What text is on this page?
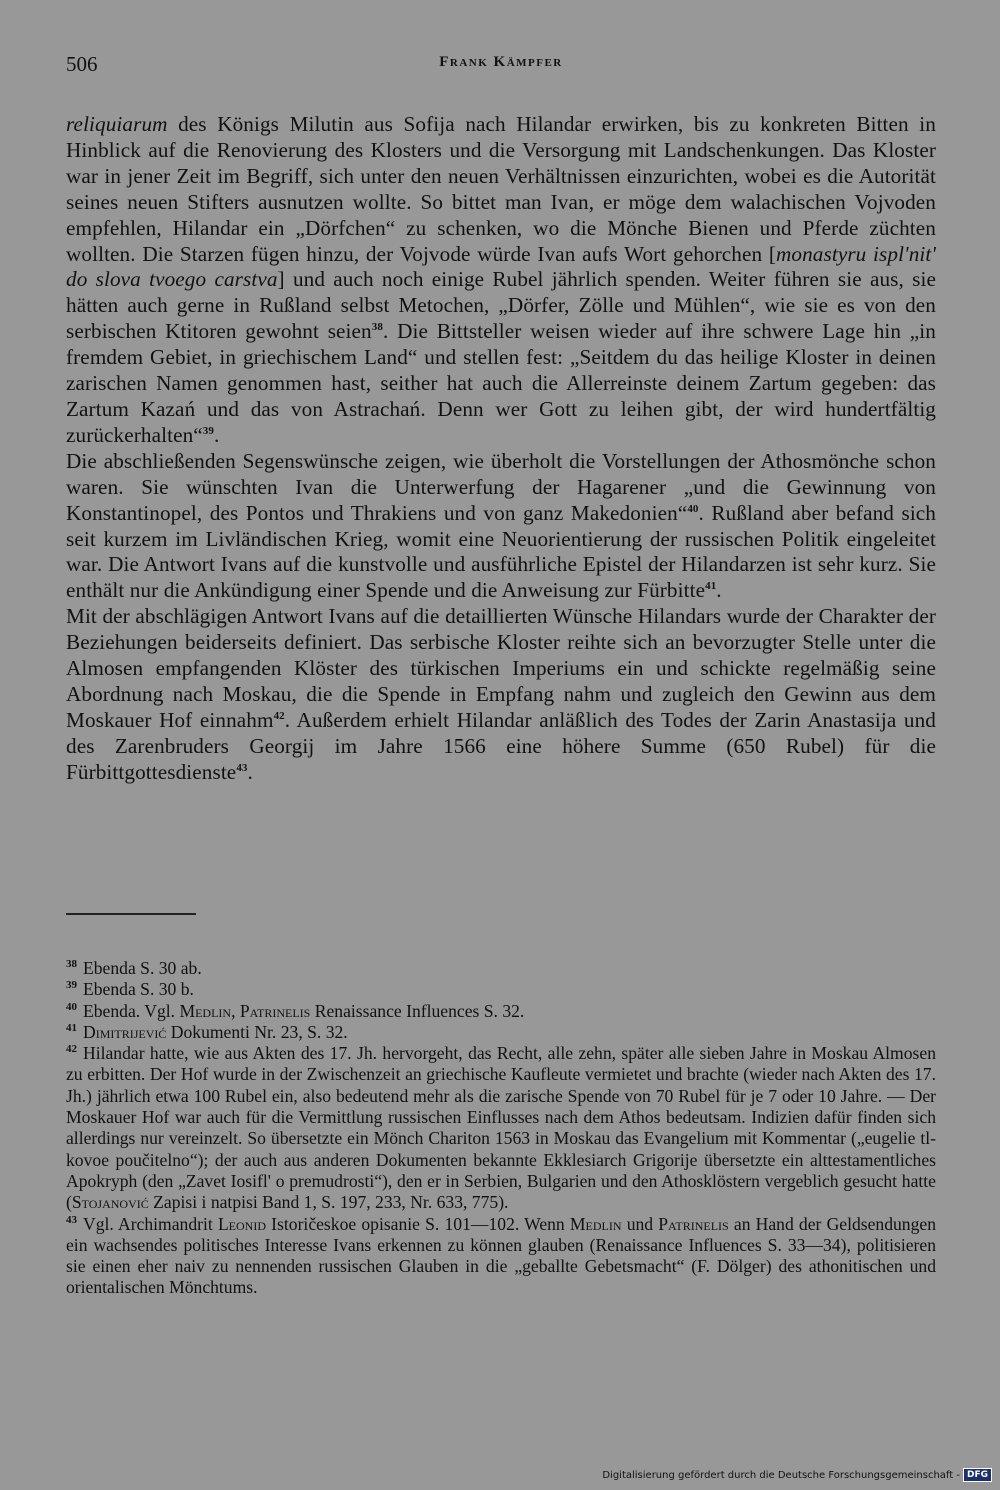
506	Frank Kämpfer

reliquiarum des Königs Milutin aus Sofija nach Hilandar erwirken, bis zu konkreten Bitten in Hinblick auf die Renovierung des Klosters und die Versorgung mit Landschenkungen. Das Kloster war in jener Zeit im Begriff, sich unter den neuen Verhältnissen einzurichten, wobei es die Autorität seines neuen Stifters ausnutzen wollte. So bittet man Ivan, er möge dem walachischen Vojvoden empfehlen, Hilandar ein „Dörfchen“ zu schenken, wo die Mönche Bienen und Pferde züchten wollten. Die Starzen fügen hinzu, der Vojvode würde Ivan aufs Wort gehorchen [monastyru ispl'nit' do slova tvoego carstva] und auch noch einige Rubel jährlich spenden. Weiter führen sie aus, sie hätten auch gerne in Rußland selbst Metochen, „Dörfer, Zölle und Mühlen“, wie sie es von den serbischen Ktitoren gewohnt seien$^{38}$. Die Bittsteller weisen wieder auf ihre schwere Lage hin „in fremdem Gebiet, in griechischem Land“ und stellen fest: „Seitdem du das heilige Kloster in deinen zarischen Namen genommen hast, seither hat auch die Allerreinste deinem Zartum gegeben: das Zartum Kazań und das von Astrachań. Denn wer Gott zu leihen gibt, der wird hundertfältig zurückerhalten“$^{39}$.

Die abschließenden Segenswünsche zeigen, wie überholt die Vorstellungen der Athosmönche schon waren. Sie wünschten Ivan die Unterwerfung der Hagarener „und die Gewinnung von Konstantinopel, des Pontos und Thrakiens und von ganz Makedonien“$^{40}$. Rußland aber befand sich seit kurzem im Livländischen Krieg, womit eine Neuorientierung der russischen Politik eingeleitet war. Die Antwort Ivans auf die kunstvolle und ausführliche Epistel der Hilandarzen ist sehr kurz. Sie enthält nur die Ankündigung einer Spende und die Anweisung zur Fürbitte$^{41}$.

Mit der abschlägigen Antwort Ivans auf die detaillierten Wünsche Hilandars wurde der Charakter der Beziehungen beiderseits definiert. Das serbische Kloster reihte sich an bevorzugter Stelle unter die Almosen empfangenden Klöster des türkischen Imperiums ein und schickte regelmäßig seine Abordnung nach Moskau, die die Spende in Empfang nahm und zugleich den Gewinn aus dem Moskauer Hof einnahm$^{42}$. Außerdem erhielt Hilandar anläßlich des Todes der Zarin Anastasija und des Zarenbruders Georgij im Jahre 1566 eine höhere Summe (650 Rubel) für die Fürbittgottesdienste$^{43}$.

$^{38}$ Ebenda S. 30 ab.

$^{39}$ Ebenda S. 30 b.

$^{40}$ Ebenda. Vgl. Medlin, Patrinelis Renaissance Influences S. 32.

$^{41}$ Dimitrijević Dokumenti Nr. 23, S. 32.

$^{42}$ Hilandar hatte, wie aus Akten des 17. Jh. hervorgeht, das Recht, alle zehn, später alle sieben Jahre in Moskau Almosen zu erbitten. Der Hof wurde in der Zwischenzeit an griechische Kaufleute vermietet und brachte (wieder nach Akten des 17. Jh.) jährlich etwa 100 Rubel ein, also bedeutend mehr als die zarische Spende von 70 Rubel für je 7 oder 10 Jahre. — Der Moskauer Hof war auch für die Vermittlung russischen Einflusses nach dem Athos bedeutsam. Indizien dafür finden sich allerdings nur vereinzelt. So übersetzte ein Mönch Chariton 1563 in Moskau das Evangelium mit Kommentar („eugelie tl-kovoe poučitelno“); der auch aus anderen Dokumenten bekannte Ekklesiarch Grigorije übersetzte ein alttestamentliches Apokryph (den „Zavet Iosifl' o premudrosti“), den er in Serbien, Bulgarien und den Athosklöstern vergeblich gesucht hatte (Stojanović Zapisi i natpisi Band 1, S. 197, 233, Nr. 633, 775).

$^{43}$ Vgl. Archimandrit Leonid Istoričeskoe opisanie S. 101—102. Wenn Medlin und Patrinelis an Hand der Geldsendungen ein wachsendes politisches Interesse Ivans erkennen zu können glauben (Renaissance Influences S. 33—34), politisieren sie einen eher naiv zu nennenden russischen Glauben in die „geballte Gebetsmacht“ (F. Dölger) des athonitischen und orientalischen Mönchtums.

Digitalisierung gefördert durch die Deutsche Forschungsgemeinschaft - DFG
